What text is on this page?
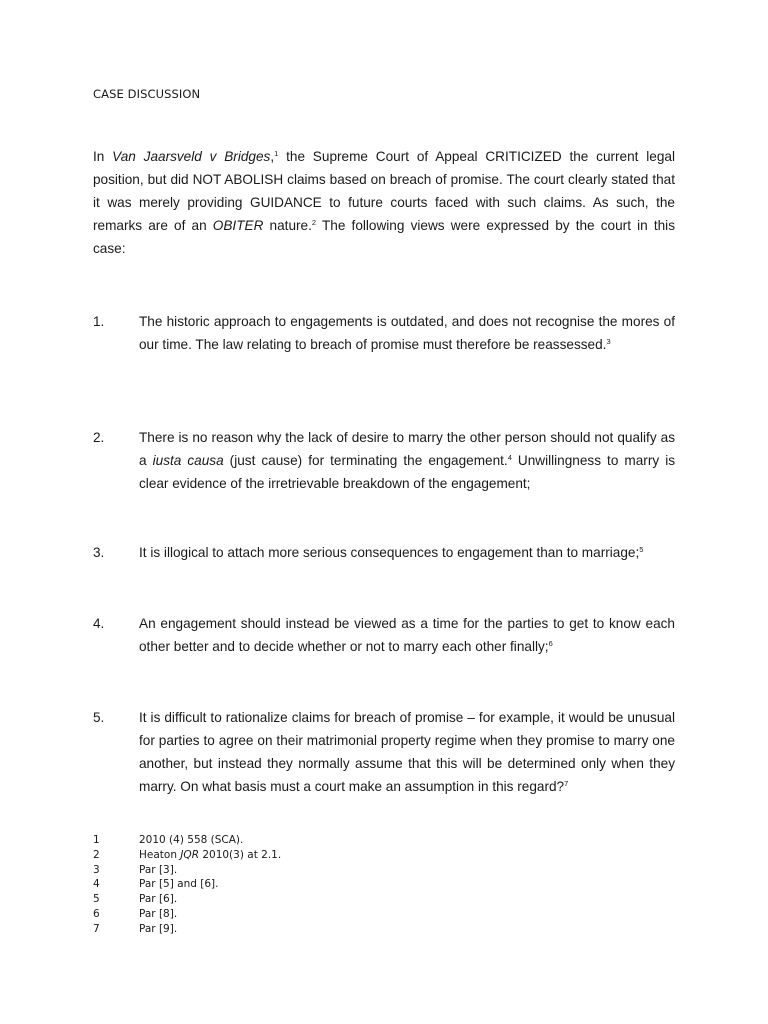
CASE DISCUSSION
In Van Jaarsveld v Bridges,$^1$ the Supreme Court of Appeal CRITICIZED the current legal position, but did NOT ABOLISH claims based on breach of promise. The court clearly stated that it was merely providing GUIDANCE to future courts faced with such claims. As such, the remarks are of an OBITER nature.$^2$ The following views were expressed by the court in this case:
1.	The historic approach to engagements is outdated, and does not recognise the mores of our time. The law relating to breach of promise must therefore be reassessed.$^3$
2.	There is no reason why the lack of desire to marry the other person should not qualify as a iusta causa (just cause) for terminating the engagement.$^4$ Unwillingness to marry is clear evidence of the irretrievable breakdown of the engagement;
3.	It is illogical to attach more serious consequences to engagement than to marriage;$^5$
4.	An engagement should instead be viewed as a time for the parties to get to know each other better and to decide whether or not to marry each other finally;$^6$
5.	It is difficult to rationalize claims for breach of promise – for example, it would be unusual for parties to agree on their matrimonial property regime when they promise to marry one another, but instead they normally assume that this will be determined only when they marry. On what basis must a court make an assumption in this regard?$^7$
1	2010 (4) 558 (SCA).
2	Heaton JQR 2010(3) at 2.1.
3	Par [3].
4	Par [5] and [6].
5	Par [6].
6	Par [8].
7	Par [9].
